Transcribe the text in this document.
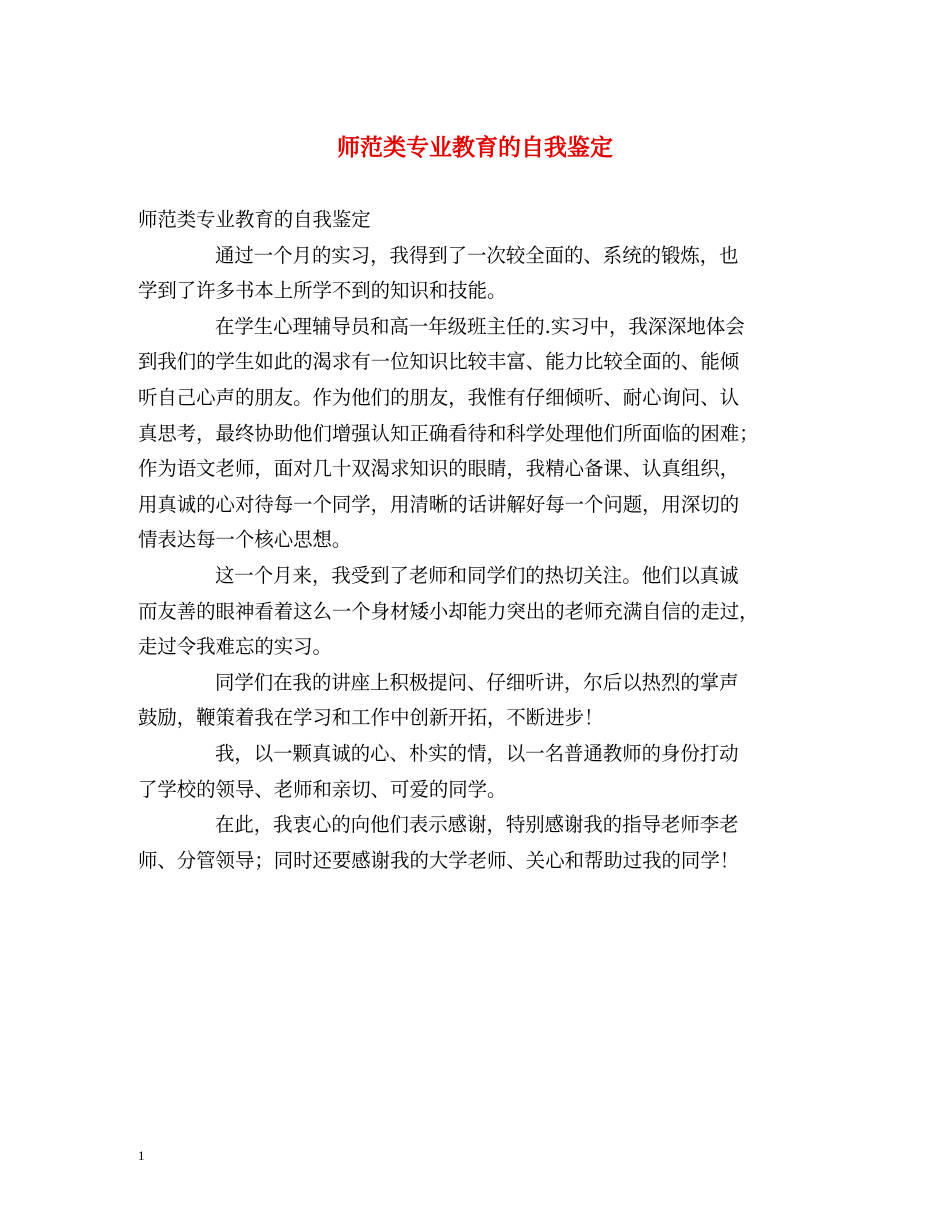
师范类专业教育的自我鉴定
师范类专业教育的自我鉴定
通过一个月的实习，我得到了一次较全面的、系统的锻炼，也
学到了许多书本上所学不到的知识和技能。
在学生心理辅导员和高一年级班主任的.实习中，我深深地体会
到我们的学生如此的渴求有一位知识比较丰富、能力比较全面的、能倾
听自己心声的朋友。作为他们的朋友，我惟有仔细倾听、耐心询问、认
真思考，最终协助他们增强认知正确看待和科学处理他们所面临的困难；
作为语文老师，面对几十双渴求知识的眼睛，我精心备课、认真组织，
用真诚的心对待每一个同学，用清晰的话讲解好每一个问题，用深切的
情表达每一个核心思想。
这一个月来，我受到了老师和同学们的热切关注。他们以真诚
而友善的眼神看着这么一个身材矮小却能力突出的老师充满自信的走过，
走过令我难忘的实习。
同学们在我的讲座上积极提问、仔细听讲，尔后以热烈的掌声
鼓励，鞭策着我在学习和工作中创新开拓，不断进步！
我，以一颗真诚的心、朴实的情，以一名普通教师的身份打动
了学校的领导、老师和亲切、可爱的同学。
在此，我衷心的向他们表示感谢，特别感谢我的指导老师李老
师、分管领导；同时还要感谢我的大学老师、关心和帮助过我的同学！
1
